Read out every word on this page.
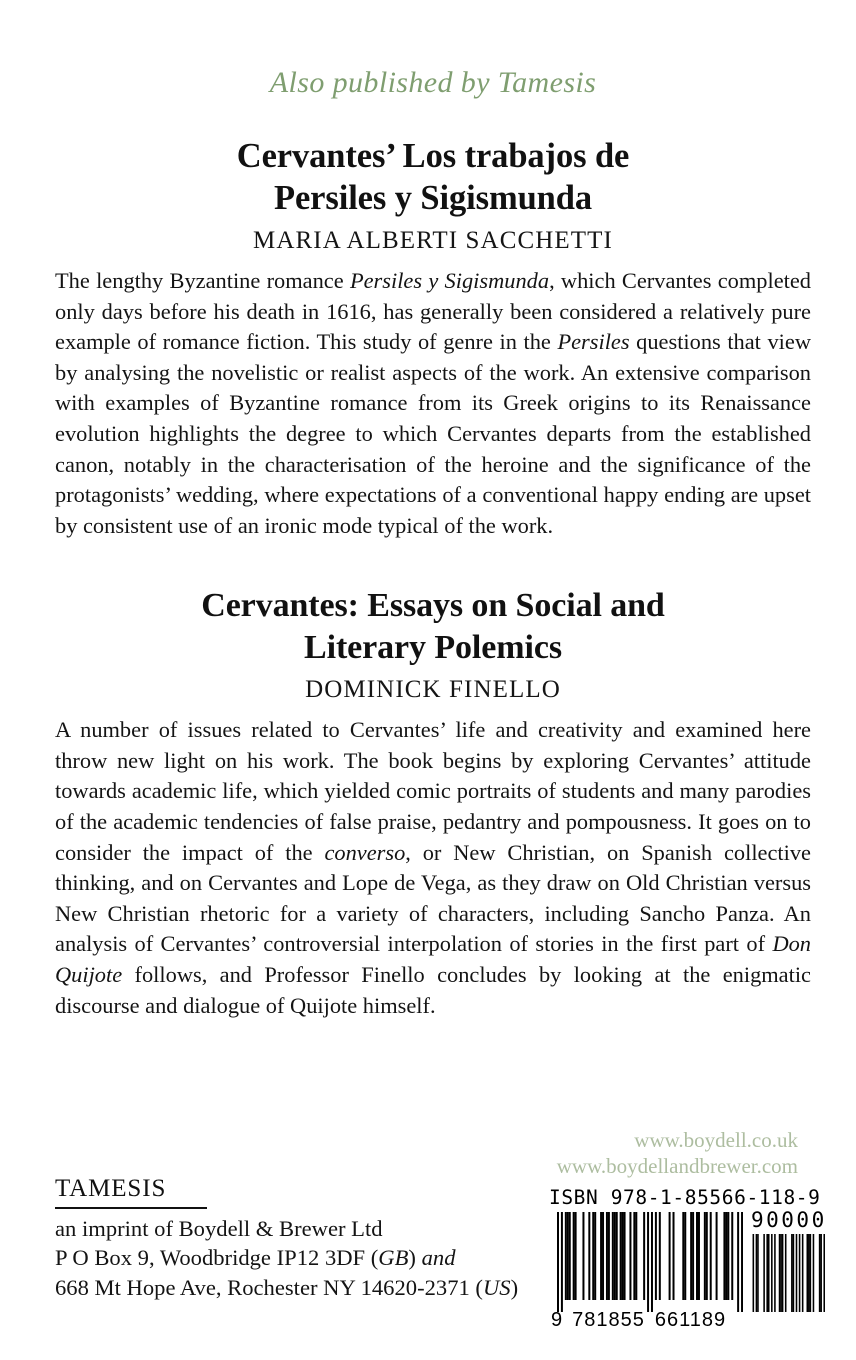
Also published by Tamesis
Cervantes’ Los trabajos de
Persiles y Sigismunda
MARIA ALBERTI SACCHETTI
The lengthy Byzantine romance Persiles y Sigismunda, which Cervantes completed only days before his death in 1616, has generally been considered a relatively pure example of romance fiction. This study of genre in the Persiles questions that view by analysing the novelistic or realist aspects of the work. An extensive comparison with examples of Byzantine romance from its Greek origins to its Renaissance evolution highlights the degree to which Cervantes departs from the established canon, notably in the characterisation of the heroine and the significance of the protagonists’ wedding, where expectations of a conventional happy ending are upset by consistent use of an ironic mode typical of the work.
Cervantes: Essays on Social and
Literary Polemics
DOMINICK FINELLO
A number of issues related to Cervantes’ life and creativity and examined here throw new light on his work. The book begins by exploring Cervantes’ attitude towards academic life, which yielded comic portraits of students and many parodies of the academic tendencies of false praise, pedantry and pompousness. It goes on to consider the impact of the converso, or New Christian, on Spanish collective thinking, and on Cervantes and Lope de Vega, as they draw on Old Christian versus New Christian rhetoric for a variety of characters, including Sancho Panza. An analysis of Cervantes’ controversial interpolation of stories in the first part of Don Quijote follows, and Professor Finello concludes by looking at the enigmatic discourse and dialogue of Quijote himself.
www.boydell.co.uk
www.boydellandbrewer.com
TAMESIS
an imprint of Boydell & Brewer Ltd
P O Box 9, Woodbridge IP12 3DF (GB) and
668 Mt Hope Ave, Rochester NY 14620-2371 (US)
ISBN 978-1-85566-118-9
90000
9 781855 661189
